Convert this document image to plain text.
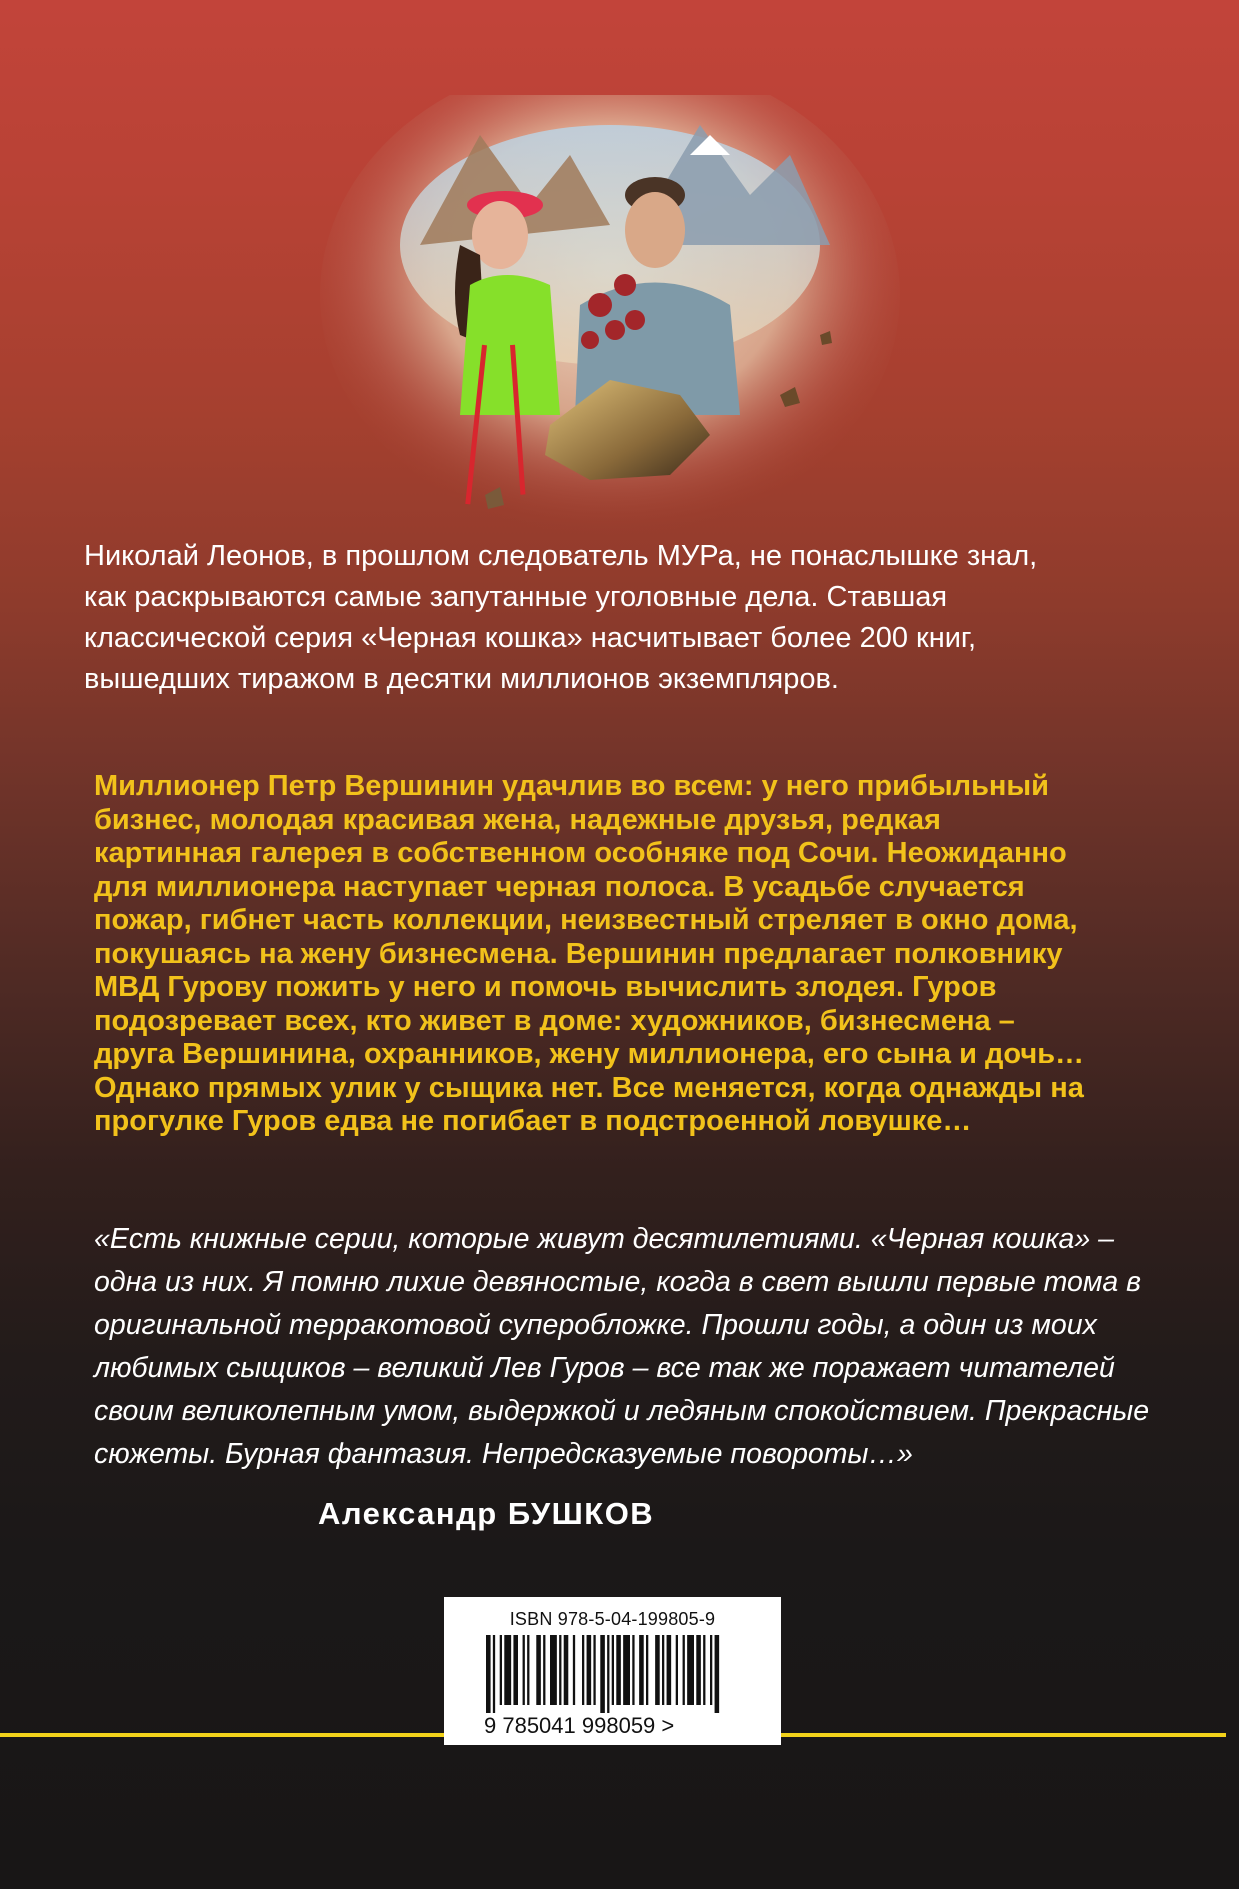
Николай Леонов, в прошлом следователь МУРа, не понаслышке знал, как раскрываются самые запутанные уголовные дела. Ставшая классической серия «Черная кошка» насчитывает более 200 книг, вышедших тиражом в десятки миллионов экземпляров.

Миллионер Петр Вершинин удачлив во всем: у него прибыльный бизнес, молодая красивая жена, надежные друзья, редкая картинная галерея в собственном особняке под Сочи. Неожиданно для миллионера наступает черная полоса. В усадьбе случается пожар, гибнет часть коллекции, неизвестный стреляет в окно дома, покушаясь на жену бизнесмена. Вершинин предлагает полковнику МВД Гурову пожить у него и помочь вычислить злодея. Гуров подозревает всех, кто живет в доме: художников, бизнесмена – друга Вершинина, охранников, жену миллионера, его сына и дочь… Однако прямых улик у сыщика нет. Все меняется, когда однажды на прогулке Гуров едва не погибает в подстроенной ловушке…

«Есть книжные серии, которые живут десятилетиями. «Черная кошка» – одна из них. Я помню лихие девяностые, когда в свет вышли первые тома в оригинальной терракотовой суперобложке. Прошли годы, а один из моих любимых сыщиков – великий Лев Гуров – все так же поражает читателей своим великолепным умом, выдержкой и ледяным спокойствием. Прекрасные сюжеты. Бурная фантазия. Непредсказуемые повороты…»

Александр БУШКОВ
ISBN 978-5-04-199805-9
9 785041 998059 >
